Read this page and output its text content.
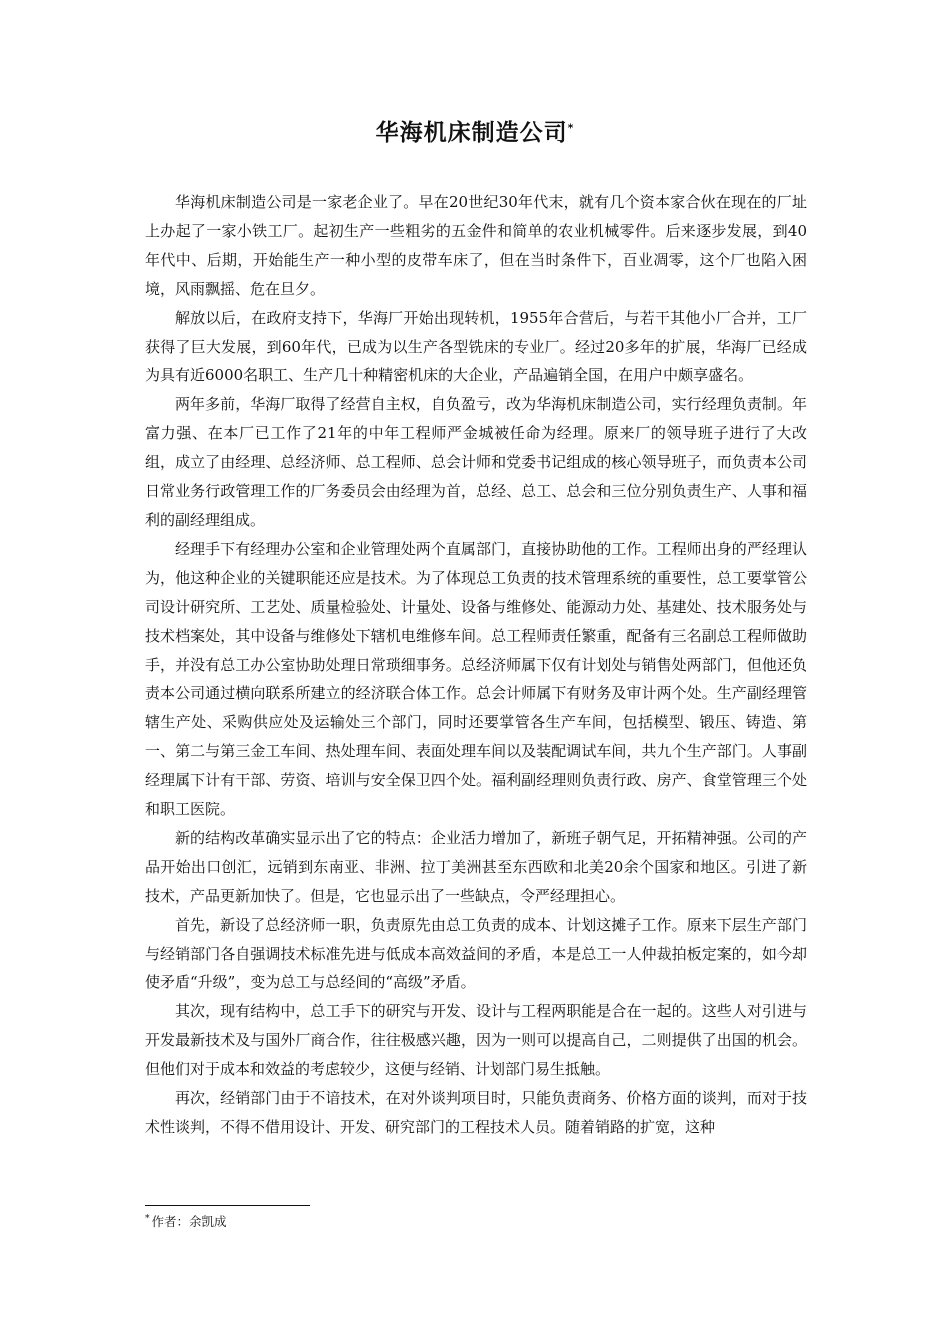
华海机床制造公司*

华海机床制造公司是一家老企业了。早在20世纪30年代末，就有几个资本家合伙在现在的厂址上办起了一家小铁工厂。起初生产一些粗劣的五金件和简单的农业机械零件。后来逐步发展，到40年代中、后期，开始能生产一种小型的皮带车床了，但在当时条件下，百业凋零，这个厂也陷入困境，风雨飘摇、危在旦夕。

解放以后，在政府支持下，华海厂开始出现转机，1955年合营后，与若干其他小厂合并，工厂获得了巨大发展，到60年代，已成为以生产各型铣床的专业厂。经过20多年的扩展，华海厂已经成为具有近6000名职工、生产几十种精密机床的大企业，产品遍销全国，在用户中颇享盛名。

两年多前，华海厂取得了经营自主权，自负盈亏，改为华海机床制造公司，实行经理负责制。年富力强、在本厂已工作了21年的中年工程师严金城被任命为经理。原来厂的领导班子进行了大改组，成立了由经理、总经济师、总工程师、总会计师和党委书记组成的核心领导班子，而负责本公司日常业务行政管理工作的厂务委员会由经理为首，总经、总工、总会和三位分别负责生产、人事和福利的副经理组成。

经理手下有经理办公室和企业管理处两个直属部门，直接协助他的工作。工程师出身的严经理认为，他这种企业的关键职能还应是技术。为了体现总工负责的技术管理系统的重要性，总工要掌管公司设计研究所、工艺处、质量检验处、计量处、设备与维修处、能源动力处、基建处、技术服务处与技术档案处，其中设备与维修处下辖机电维修车间。总工程师责任繁重，配备有三名副总工程师做助手，并没有总工办公室协助处理日常琐细事务。总经济师属下仅有计划处与销售处两部门，但他还负责本公司通过横向联系所建立的经济联合体工作。总会计师属下有财务及审计两个处。生产副经理管辖生产处、采购供应处及运输处三个部门，同时还要掌管各生产车间，包括模型、锻压、铸造、第一、第二与第三金工车间、热处理车间、表面处理车间以及装配调试车间，共九个生产部门。人事副经理属下计有干部、劳资、培训与安全保卫四个处。福利副经理则负责行政、房产、食堂管理三个处和职工医院。

新的结构改革确实显示出了它的特点：企业活力增加了，新班子朝气足，开拓精神强。公司的产品开始出口创汇，远销到东南亚、非洲、拉丁美洲甚至东西欧和北美20余个国家和地区。引进了新技术，产品更新加快了。但是，它也显示出了一些缺点，令严经理担心。

首先，新设了总经济师一职，负责原先由总工负责的成本、计划这摊子工作。原来下层生产部门与经销部门各自强调技术标准先进与低成本高效益间的矛盾，本是总工一人仲裁拍板定案的，如今却使矛盾“升级”，变为总工与总经间的“高级”矛盾。

其次，现有结构中，总工手下的研究与开发、设计与工程两职能是合在一起的。这些人对引进与开发最新技术及与国外厂商合作，往往极感兴趣，因为一则可以提高自己，二则提供了出国的机会。但他们对于成本和效益的考虑较少，这便与经销、计划部门易生抵触。

再次，经销部门由于不谙技术，在对外谈判项目时，只能负责商务、价格方面的谈判，而对于技术性谈判，不得不借用设计、开发、研究部门的工程技术人员。随着销路的扩宽，这种

* 作者：余凯成
